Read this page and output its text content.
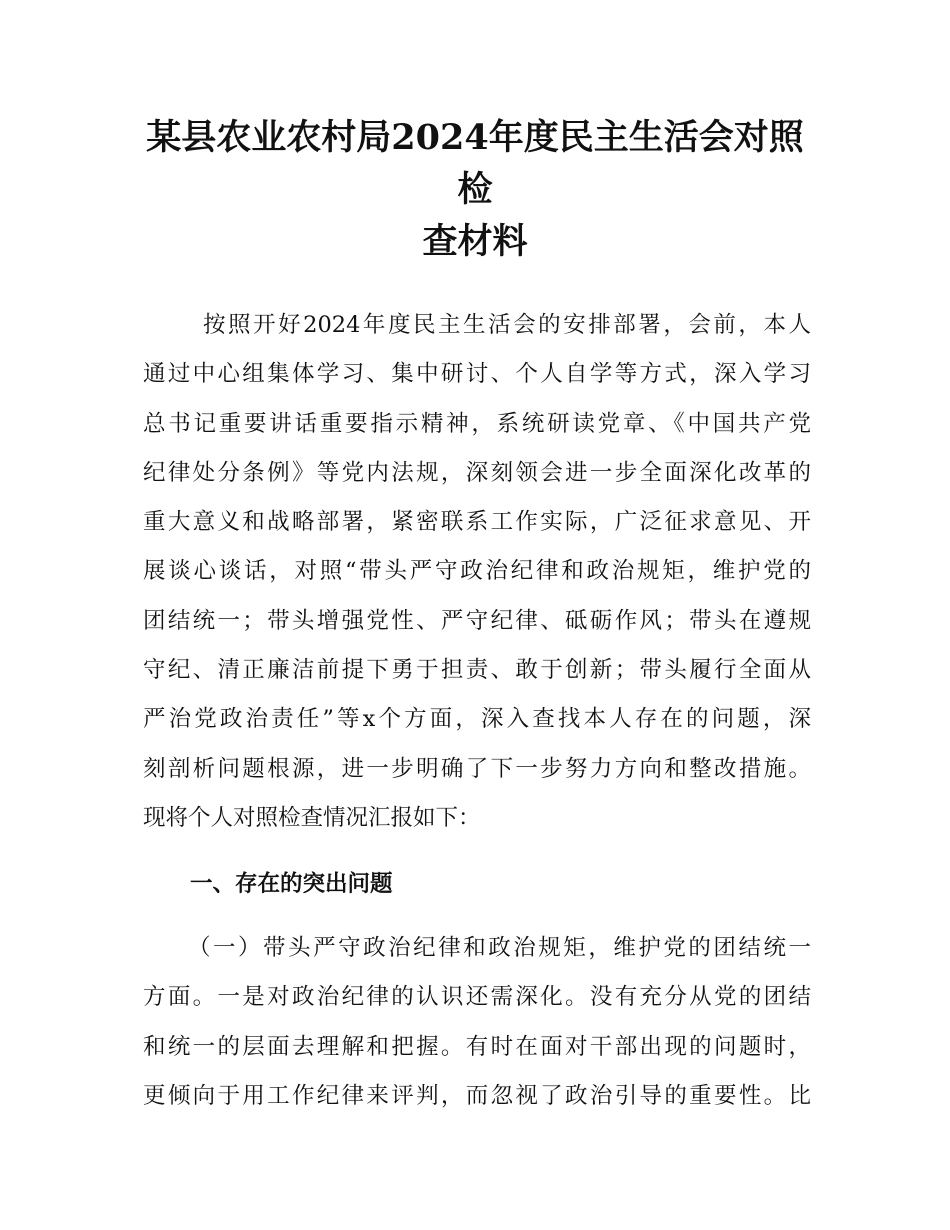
某县农业农村局2024年度民主生活会对照检
查材料
按照开好2024年度民主生活会的安排部署，会前，本人
通过中心组集体学习、集中研讨、个人自学等方式，深入学习
总书记重要讲话重要指示精神，系统研读党章、《中国共产党
纪律处分条例》等党内法规，深刻领会进一步全面深化改革的
重大意义和战略部署，紧密联系工作实际，广泛征求意见、开
展谈心谈话，对照“带头严守政治纪律和政治规矩，维护党的
团结统一；带头增强党性、严守纪律、砥砺作风；带头在遵规
守纪、清正廉洁前提下勇于担责、敢于创新；带头履行全面从
严治党政治责任”等x个方面，深入查找本人存在的问题，深
刻剖析问题根源，进一步明确了下一步努力方向和整改措施。
现将个人对照检查情况汇报如下：
一、存在的突出问题
（一）带头严守政治纪律和政治规矩，维护党的团结统一
方面。一是对政治纪律的认识还需深化。没有充分从党的团结
和统一的层面去理解和把握。有时在面对干部出现的问题时，
更倾向于用工作纪律来评判，而忽视了政治引导的重要性。比
